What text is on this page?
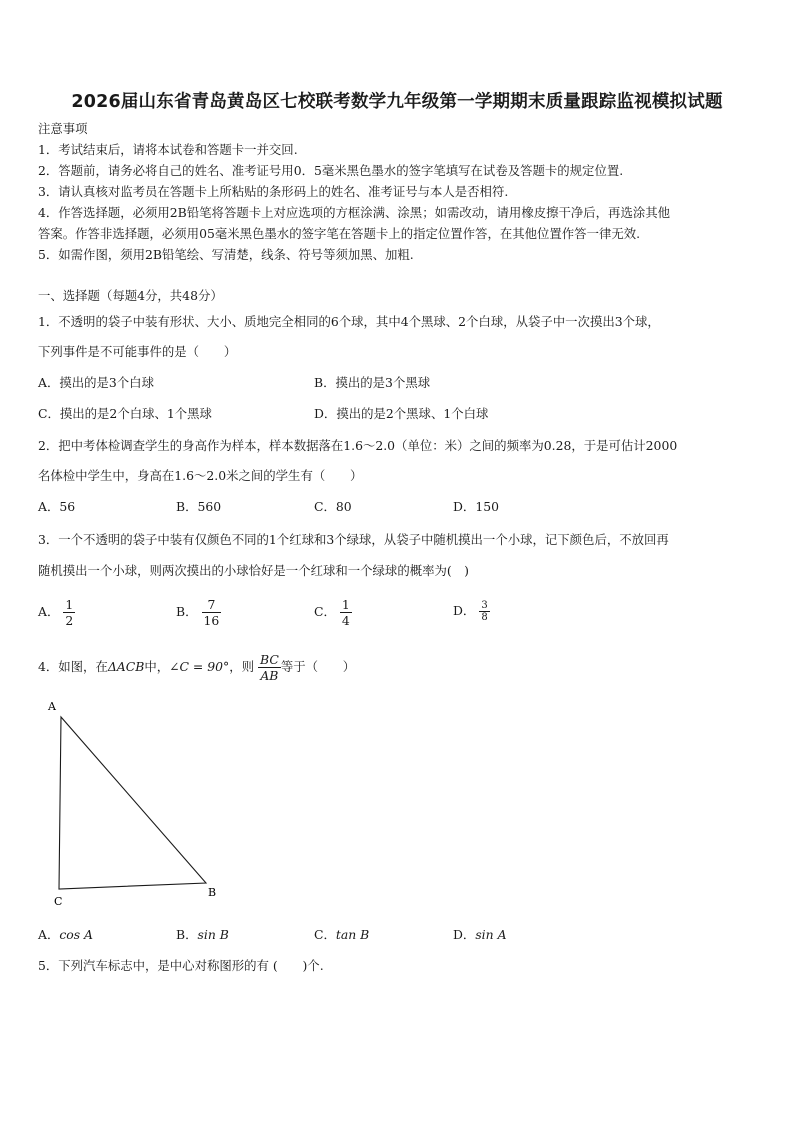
2026届山东省青岛黄岛区七校联考数学九年级第一学期期末质量跟踪监视模拟试题
注意事项
1．考试结束后，请将本试卷和答题卡一并交回.
2．答题前，请务必将自己的姓名、准考证号用0．5毫米黑色墨水的签字笔填写在试卷及答题卡的规定位置.
3．请认真核对监考员在答题卡上所粘贴的条形码上的姓名、准考证号与本人是否相符.
4．作答选择题，必须用2B铅笔将答题卡上对应选项的方框涂满、涂黑；如需改动，请用橡皮擦干净后，再选涂其他
答案。作答非选择题，必须用05毫米黑色墨水的签字笔在答题卡上的指定位置作答，在其他位置作答一律无效.
5．如需作图，须用2B铅笔绘、写清楚，线条、符号等须加黑、加粗.
一、选择题（每题4分，共48分）
1．不透明的袋子中装有形状、大小、质地完全相同的6个球，其中4个黑球、2个白球，从袋子中一次摸出3个球，
下列事件是不可能事件的是（　　）
A．摸出的是3个白球	B．摸出的是3个黑球
C．摸出的是2个白球、1个黑球	D．摸出的是2个黑球、1个白球
2．把中考体检调查学生的身高作为样本，样本数据落在1.6～2.0（单位：米）之间的频率为0.28，于是可估计2000
名体检中学生中，身高在1.6～2.0米之间的学生有（　　）
A．56	B．560	C．80	D．150
3．一个不透明的袋子中装有仅颜色不同的1个红球和3个绿球，从袋子中随机摸出一个小球，记下颜色后，不放回再
随机摸出一个小球，则两次摸出的小球恰好是一个红球和一个绿球的概率为(　)
A． $\frac{1}{2}$	B． $\frac{7}{16}$	C． $\frac{1}{4}$	D． $\frac{3}{8}$
4．如图，在ΔACB中，∠C = 90°，则 $\frac{BC}{AB}$ 等于（　　）
A
B
C
A．cos A	B．sin B	C．tan B	D．sin A
5．下列汽车标志中，是中心对称图形的有 (　　)个.
